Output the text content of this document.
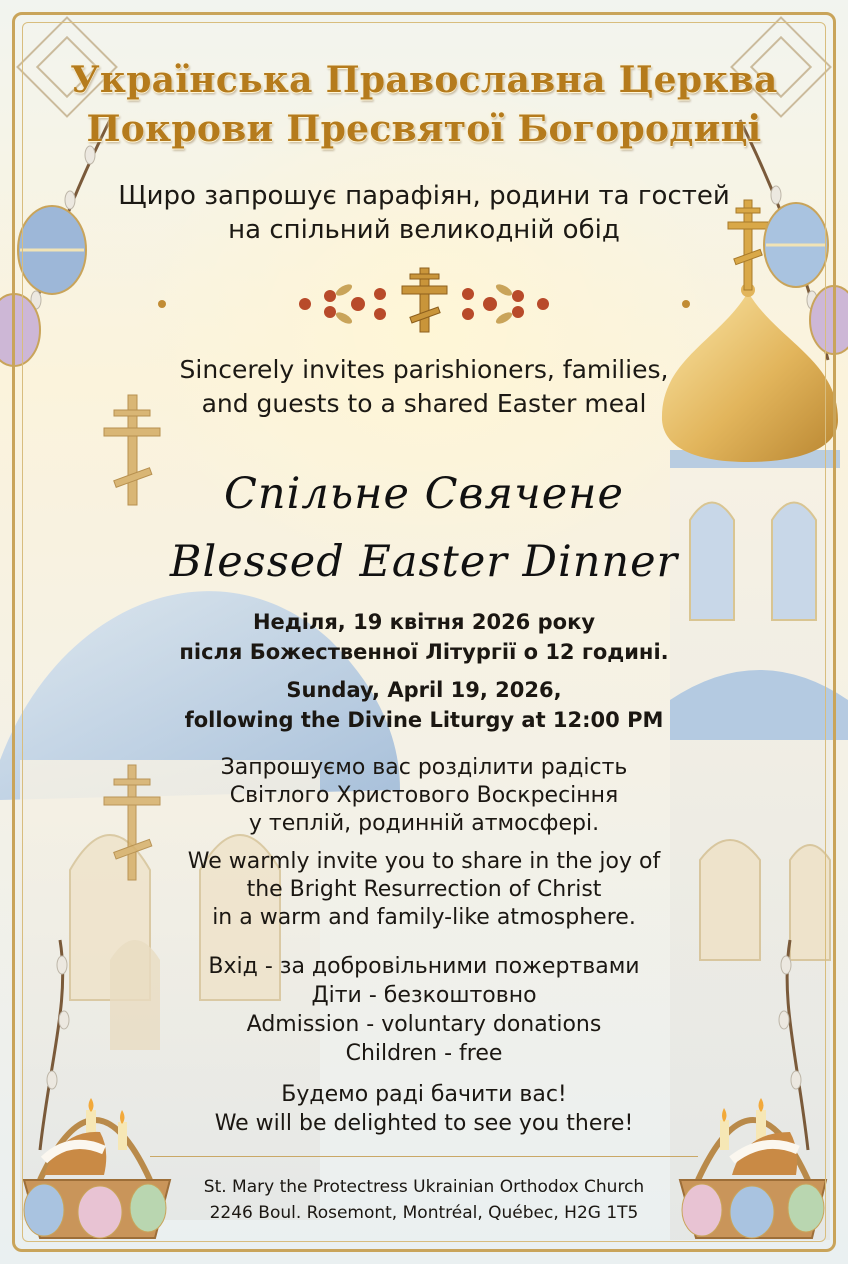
Українська Православна Церква

Покрови Пресвятої Богородиці

Щиро запрошує парафіян, родини та гостей

на спільний великодній обід

Sincerely invites parishioners, families,

and guests to a shared Easter meal

Спільне Свячене

Blessed Easter Dinner

Неділя, 19 квітня 2026 року

після Божественної Літургії о 12 годині.

Sunday, April 19, 2026,

following the Divine Liturgy at 12:00 PM

Запрошуємо вас розділити радість

Світлого Христового Воскресіння

у теплій, родинній атмосфері.

We warmly invite you to share in the joy of

the Bright Resurrection of Christ

in a warm and family-like atmosphere.

Вхід - за добровільними пожертвами

Діти - безкоштовно

Admission - voluntary donations

Children - free

Будемо раді бачити вас!

We will be delighted to see you there!

St. Mary the Protectress Ukrainian Orthodox Church

2246 Boul. Rosemont, Montréal, Québec, H2G 1T5
